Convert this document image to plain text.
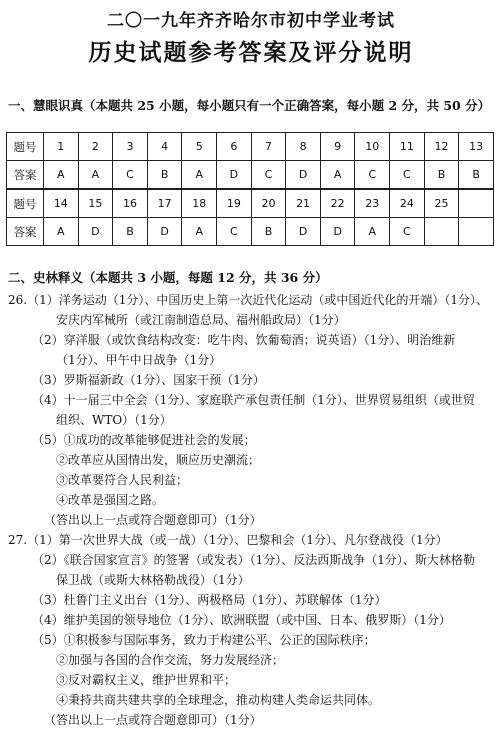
二〇一九年齐齐哈尔市初中学业考试
历史试题参考答案及评分说明
一、慧眼识真（本题共 25 小题，每小题只有一个正确答案，每小题 2 分，共 50 分）
题号	1	2	3	4	5	6	7	8	9	10	11	12	13
答案	A	A	C	B	A	D	C	D	A	C	C	B	B
题号	14	15	16	17	18	19	20	21	22	23	24	25	
答案	A	D	B	D	A	C	B	D	D	A	C		
二、史林释义（本题共 3 小题，每题 12 分，共 36 分）
26.（1）洋务运动（1分）、中国历史上第一次近代化运动（或中国近代化的开端）（1分）、
安庆内军械所（或江南制造总局、福州船政局）（1分）
（2）穿洋服（或饮食结构改变：吃牛肉、饮葡萄酒；说英语）（1分）、明治维新
（1分）、甲午中日战争（1分）
（3）罗斯福新政（1分）、国家干预（1分）
（4）十一届三中全会（1分）、家庭联产承包责任制（1分）、世界贸易组织（或世贸
组织、WTO）（1分）
（5）①成功的改革能够促进社会的发展；
②改革应从国情出发，顺应历史潮流；
③改革要符合人民利益；
④改革是强国之路。
（答出以上一点或符合题意即可）（1分）
27.（1）第一次世界大战（或一战）（1分）、巴黎和会（1分）、凡尔登战役（1分）
（2）《联合国家宣言》的签署（或发表）（1分）、反法西斯战争（1分）、斯大林格勒
保卫战（或斯大林格勒战役）（1分）
（3）杜鲁门主义出台（1分）、两极格局（1分）、苏联解体（1分）
（4）维护美国的领导地位（1分）、欧洲联盟（或中国、日本、俄罗斯）（1分）
（5）①积极参与国际事务，致力于构建公平、公正的国际秩序；
②加强与各国的合作交流，努力发展经济；
③反对霸权主义，维护世界和平；
④秉持共商共建共享的全球理念，推动构建人类命运共同体。
（答出以上一点或符合题意即可）（1分）
